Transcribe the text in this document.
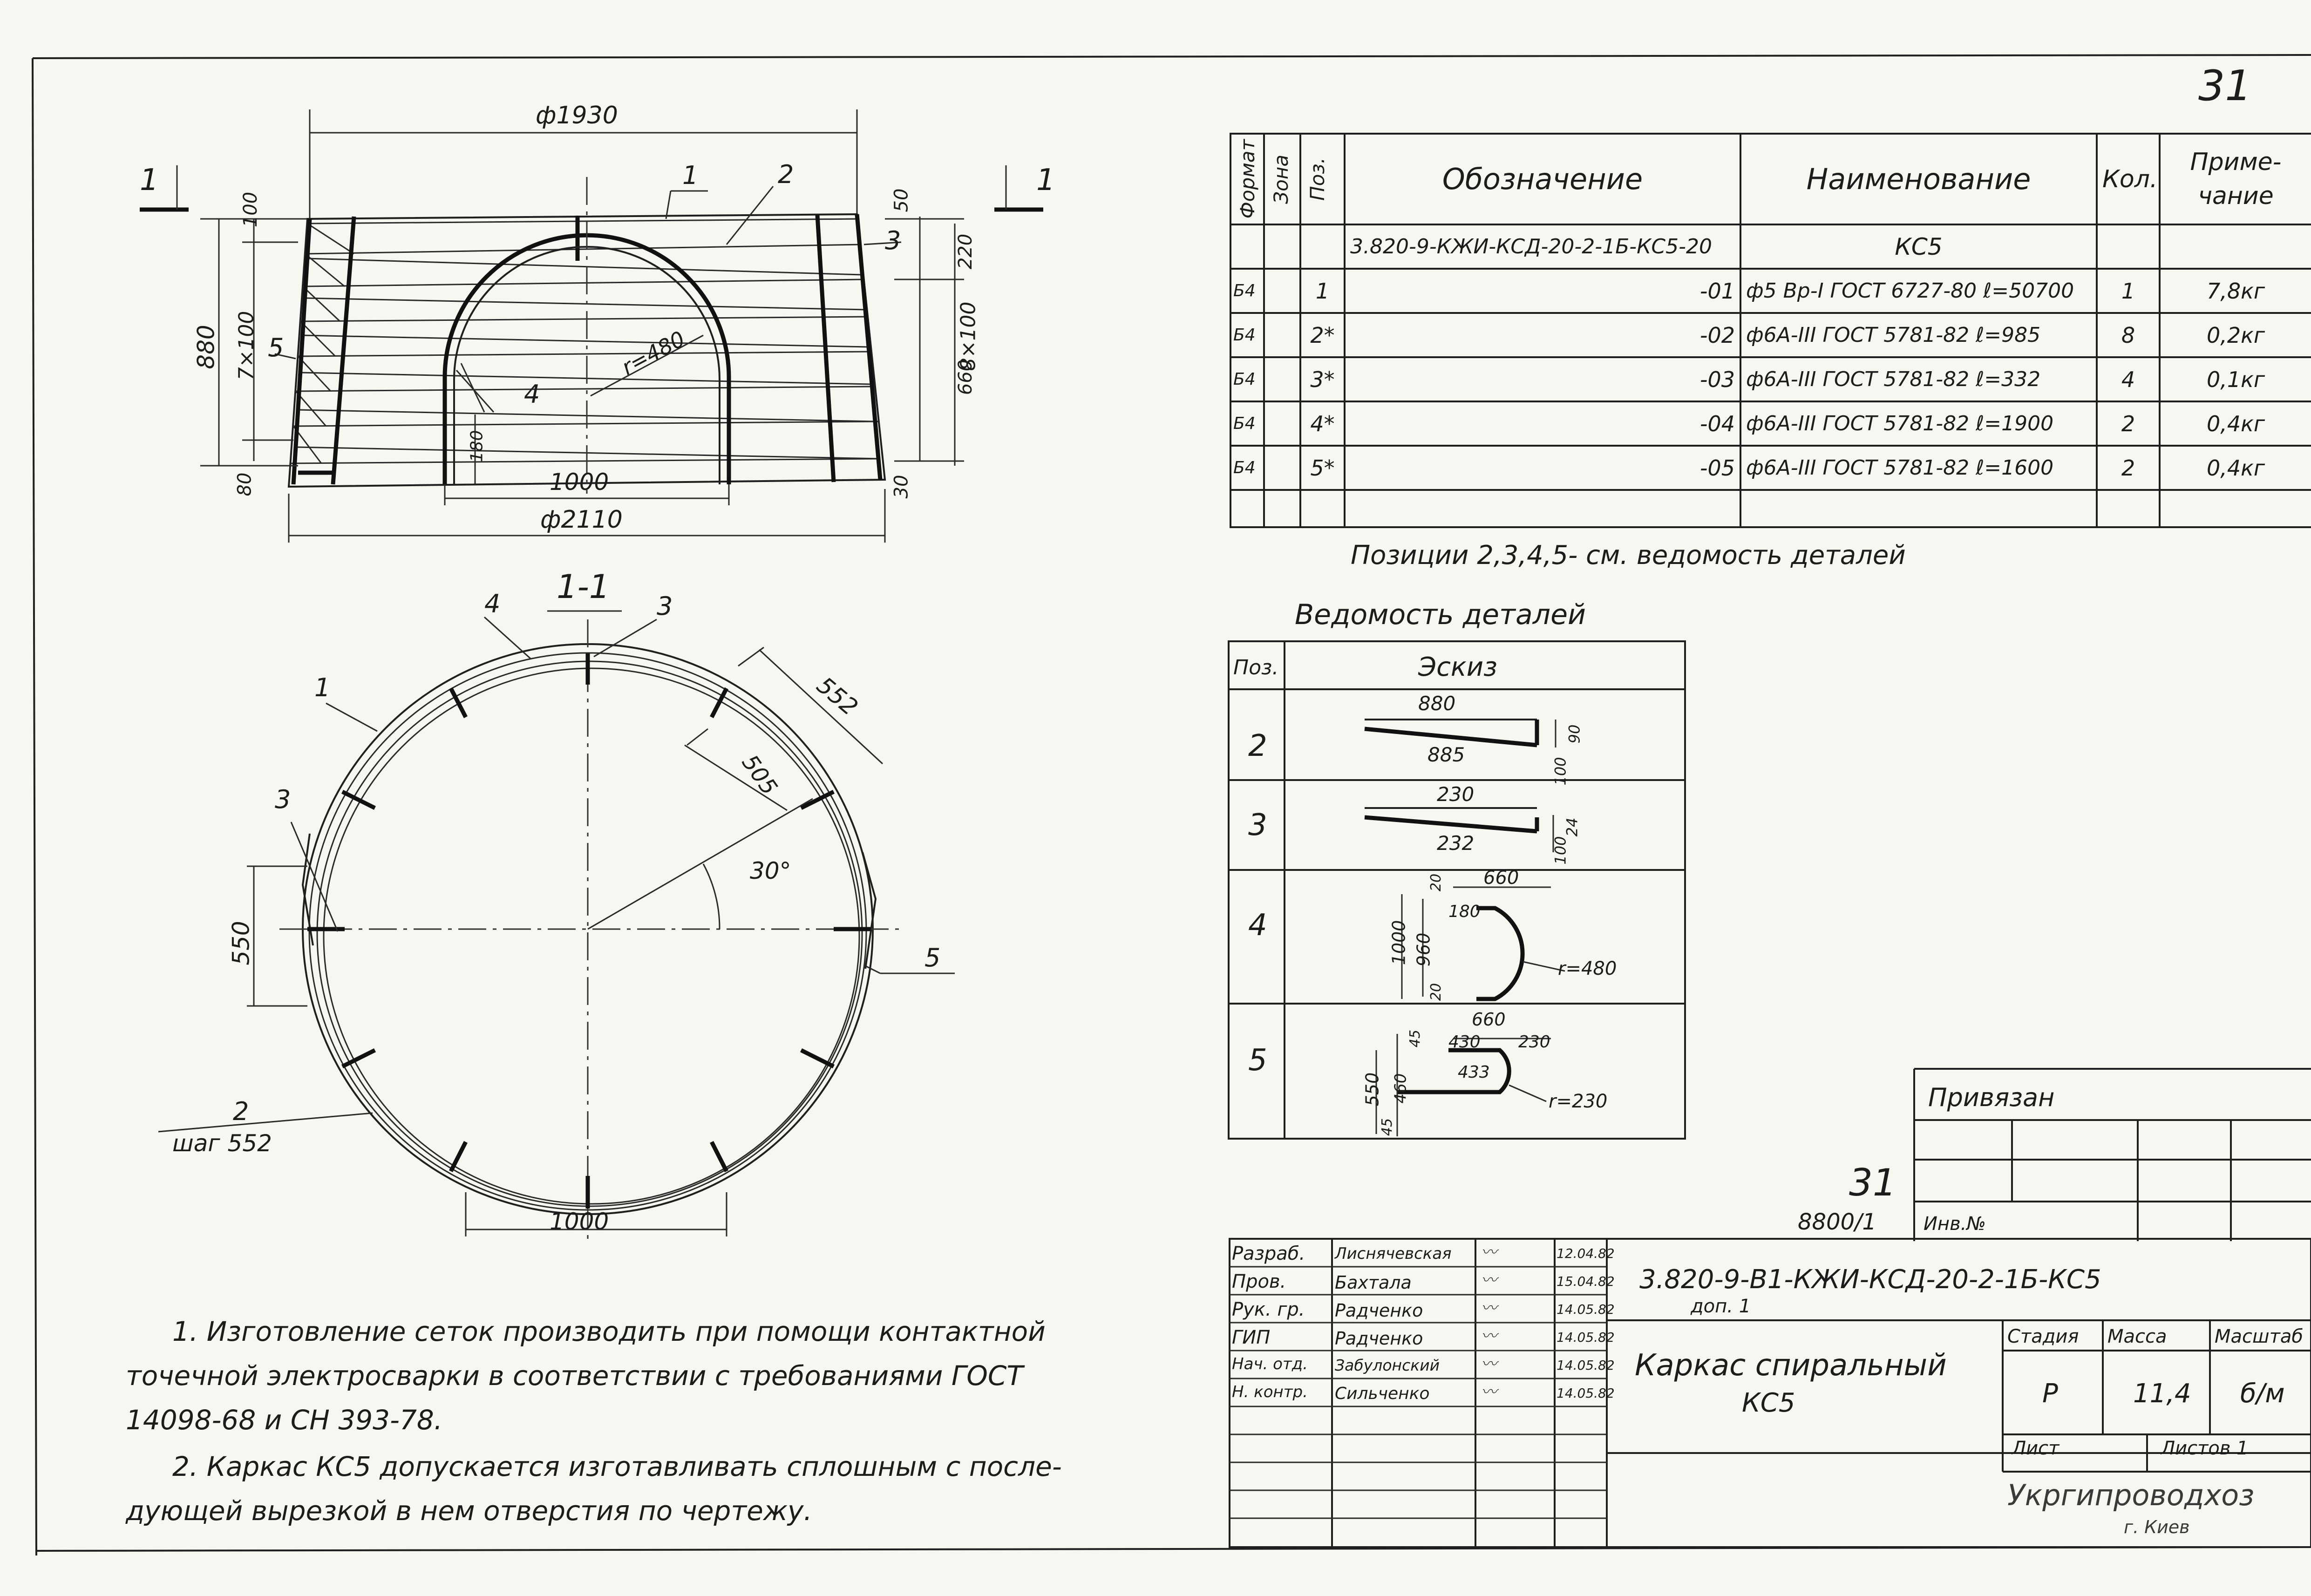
ф1930
ф2110
1000
r=480
880 7×100	8×100
100
80
50
220
660
30
180
1	2
3
4
5
1	1
1-1
4	3
1
3
5
2
шаг 552
552
505
30°
550
1000
1. Изготовление сеток производить при помощи контактной
точечной электросварки в соответствии с требованиями ГОСТ
14098-68 и СН 393-78.
2. Каркас КС5 допускается изготавливать сплошным с после-
дующей вырезкой в нем отверстия по чертежу.
31
Формат	Зона	Поз.	Обозначение	Наименование	Кол.	Приме-чание
			3.820-9-КЖИ-КСД-20-2-1Б-КС5-20	КС5		
Б4		1	-01	ф5 Вр-I ГОСТ 6727-80 ℓ=50700	1	7,8кг
Б4		2*	-02	ф6А-III ГОСТ 5781-82 ℓ=985	8	0,2кг
Б4		3*	-03	ф6А-III ГОСТ 5781-82 ℓ=332	4	0,1кг
Б4		4*	-04	ф6А-III ГОСТ 5781-82 ℓ=1900	2	0,4кг
Б4		5*	-05	ф6А-III ГОСТ 5781-82 ℓ=1600	2	0,4кг

Позиции 2,3,4,5- см. ведомость деталей
Ведомость деталей
Поз.	Эскиз
2
880
885
100
90
3
230
232	100
24
4
660
180
1000 960
20
20
r=480
5
660
430 230
433
550 460
45
45
r=230	Привязан
Инв.№
31
8800/1
Разраб. Лиснячевская 〰	12.04.82
Пров.	Бахтала	〰	15.04.82
Рук. гр. Радченко	〰	14.05.82
ГИП	Радченко	〰	14.05.82
Нач. отд. Забулонский	〰	14.05.82
Н. контр. Сильченко	〰	14.05.82
3.820-9-В1-КЖИ-КСД-20-2-1Б-КС5
доп. 1
Каркас спиральный
КС5
Стадия Масса	Масштаб
Р	11,4 б/м
Лист	Листов 1
Укргипроводхоз
г. Киев
